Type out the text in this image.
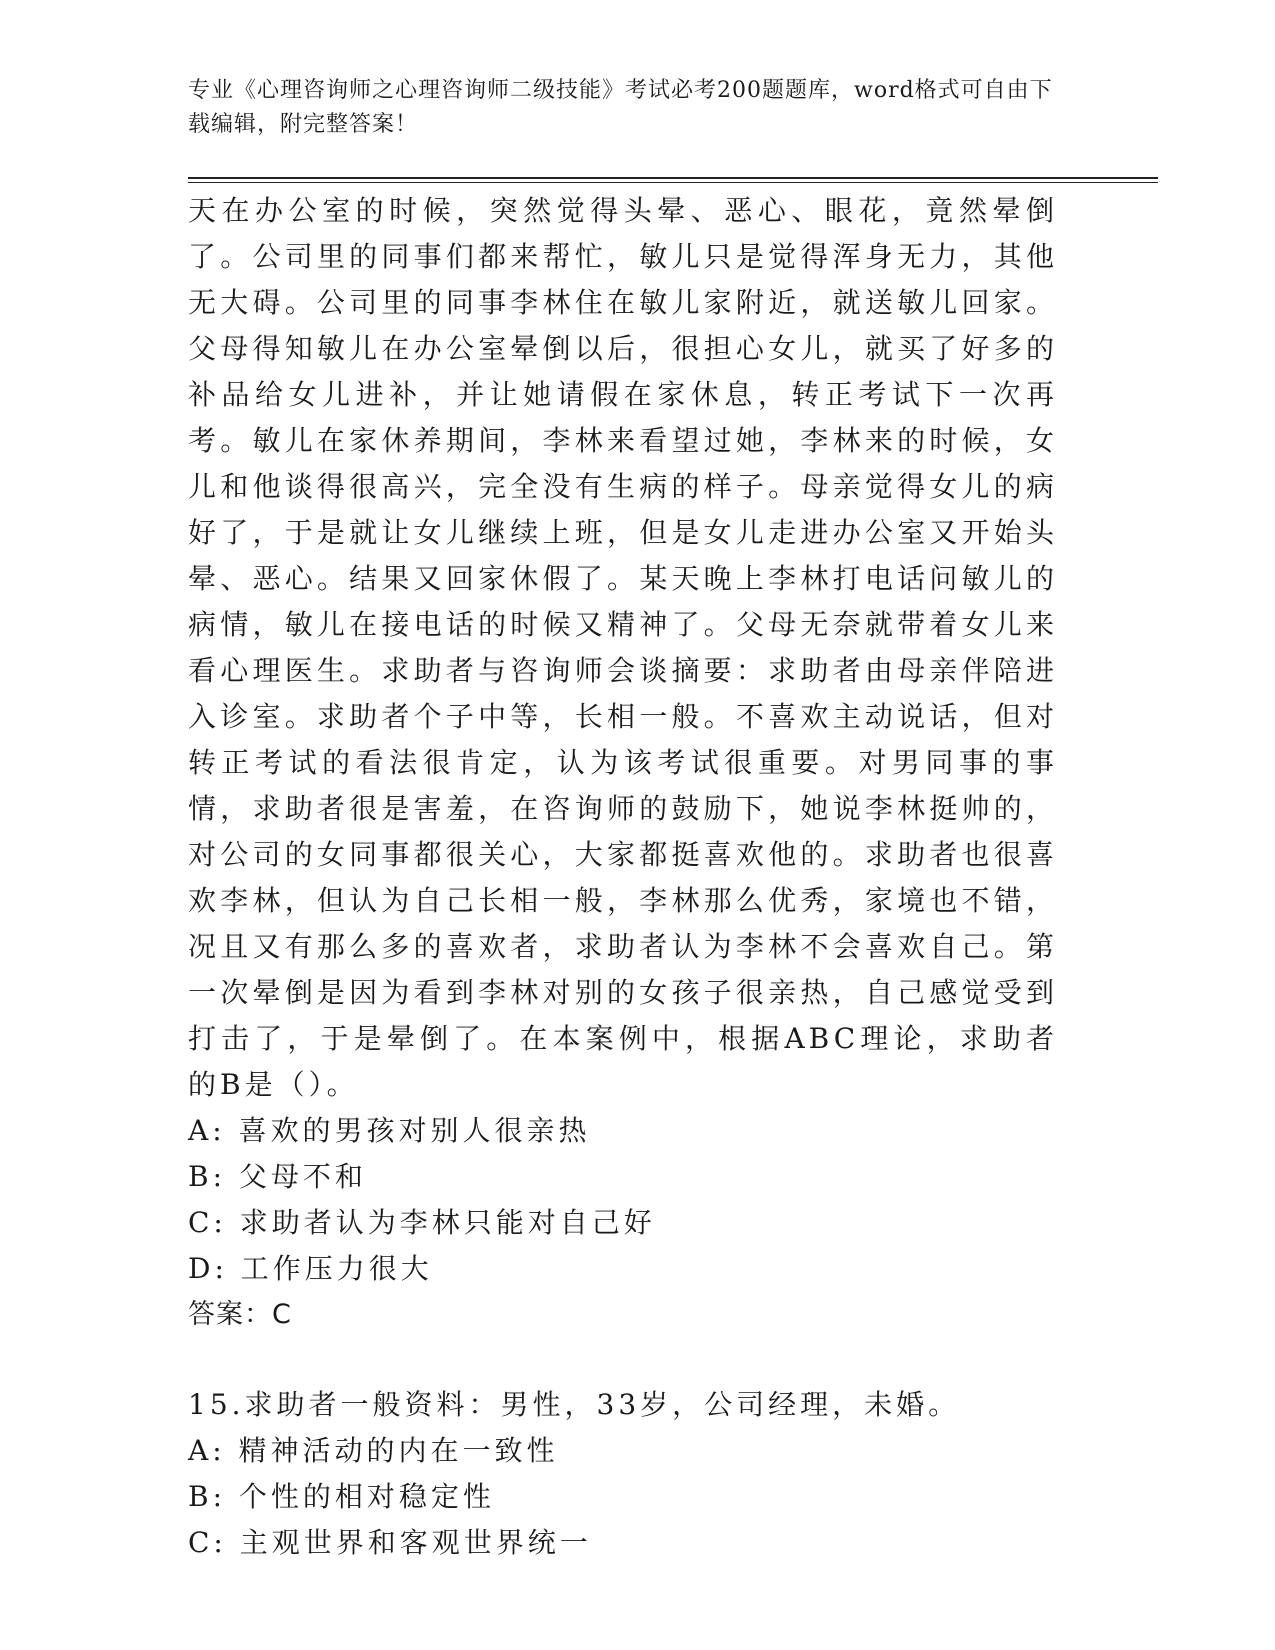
专业《心理咨询师之心理咨询师二级技能》考试必考200题题库，word格式可自由下载编辑，附完整答案！

天在办公室的时候，突然觉得头晕、恶心、眼花，竟然晕倒了。公司里的同事们都来帮忙，敏儿只是觉得浑身无力，其他无大碍。公司里的同事李林住在敏儿家附近，就送敏儿回家。父母得知敏儿在办公室晕倒以后，很担心女儿，就买了好多的补品给女儿进补，并让她请假在家休息，转正考试下一次再考。敏儿在家休养期间，李林来看望过她，李林来的时候，女儿和他谈得很高兴，完全没有生病的样子。母亲觉得女儿的病好了，于是就让女儿继续上班，但是女儿走进办公室又开始头晕、恶心。结果又回家休假了。某天晚上李林打电话问敏儿的病情，敏儿在接电话的时候又精神了。父母无奈就带着女儿来看心理医生。求助者与咨询师会谈摘要：求助者由母亲伴陪进入诊室。求助者个子中等，长相一般。不喜欢主动说话，但对转正考试的看法很肯定，认为该考试很重要。对男同事的事情，求助者很是害羞，在咨询师的鼓励下，她说李林挺帅的，对公司的女同事都很关心，大家都挺喜欢他的。求助者也很喜欢李林，但认为自己长相一般，李林那么优秀，家境也不错，况且又有那么多的喜欢者，求助者认为李林不会喜欢自己。第一次晕倒是因为看到李林对别的女孩子很亲热，自己感觉受到打击了，于是晕倒了。在本案例中，根据ABC理论，求助者的B是（）。

A: 喜欢的男孩对别人很亲热

B: 父母不和

C: 求助者认为李林只能对自己好

D: 工作压力很大

答案：C

15.求助者一般资料：男性，33岁，公司经理，未婚。

A: 精神活动的内在一致性

B: 个性的相对稳定性

C: 主观世界和客观世界统一
